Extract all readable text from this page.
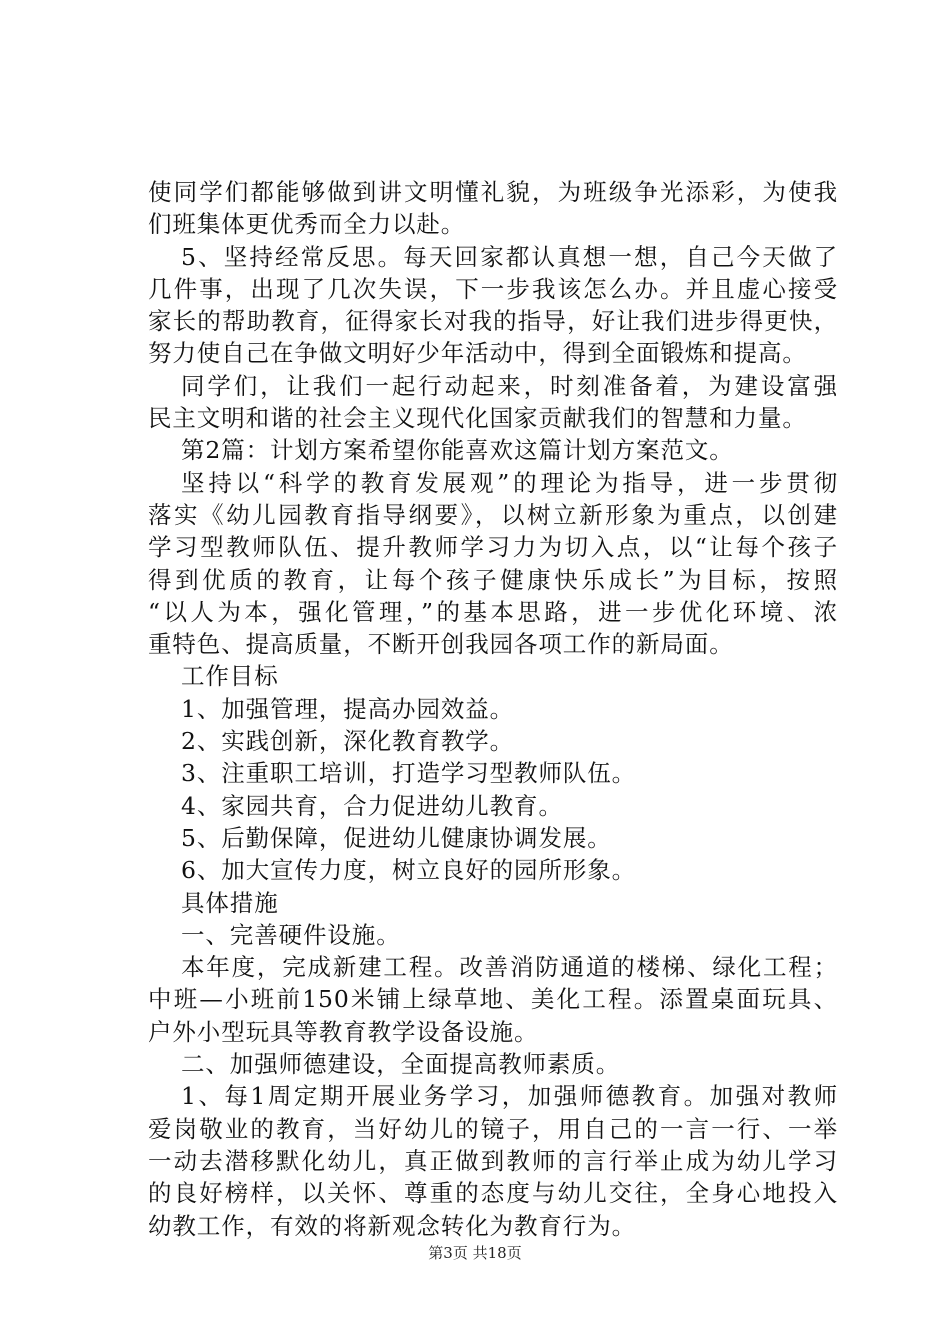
使同学们都能够做到讲文明懂礼貌，为班级争光添彩，为使我
们班集体更优秀而全力以赴。
5、坚持经常反思。每天回家都认真想一想，自己今天做了
几件事，出现了几次失误，下一步我该怎么办。并且虚心接受
家长的帮助教育，征得家长对我的指导，好让我们进步得更快，
努力使自己在争做文明好少年活动中，得到全面锻炼和提高。
同学们，让我们一起行动起来，时刻准备着，为建设富强
民主文明和谐的社会主义现代化国家贡献我们的智慧和力量。
第2篇：计划方案希望你能喜欢这篇计划方案范文。
坚持以“科学的教育发展观”的理论为指导，进一步贯彻
落实《幼儿园教育指导纲要》，以树立新形象为重点，以创建
学习型教师队伍、提升教师学习力为切入点，以“让每个孩子
得到优质的教育，让每个孩子健康快乐成长”为目标，按照
“以人为本，强化管理，”的基本思路，进一步优化环境、浓
重特色、提高质量，不断开创我园各项工作的新局面。
工作目标
1、加强管理，提高办园效益。
2、实践创新，深化教育教学。
3、注重职工培训，打造学习型教师队伍。
4、家园共育，合力促进幼儿教育。
5、后勤保障，促进幼儿健康协调发展。
6、加大宣传力度，树立良好的园所形象。
具体措施
一、完善硬件设施。
本年度，完成新建工程。改善消防通道的楼梯、绿化工程；
中班—小班前150米铺上绿草地、美化工程。添置桌面玩具、
户外小型玩具等教育教学设备设施。
二、加强师德建设，全面提高教师素质。
1、每1周定期开展业务学习，加强师德教育。加强对教师
爱岗敬业的教育，当好幼儿的镜子，用自己的一言一行、一举
一动去潜移默化幼儿，真正做到教师的言行举止成为幼儿学习
的良好榜样，以关怀、尊重的态度与幼儿交往，全身心地投入
幼教工作，有效的将新观念转化为教育行为。
第3页 共18页
